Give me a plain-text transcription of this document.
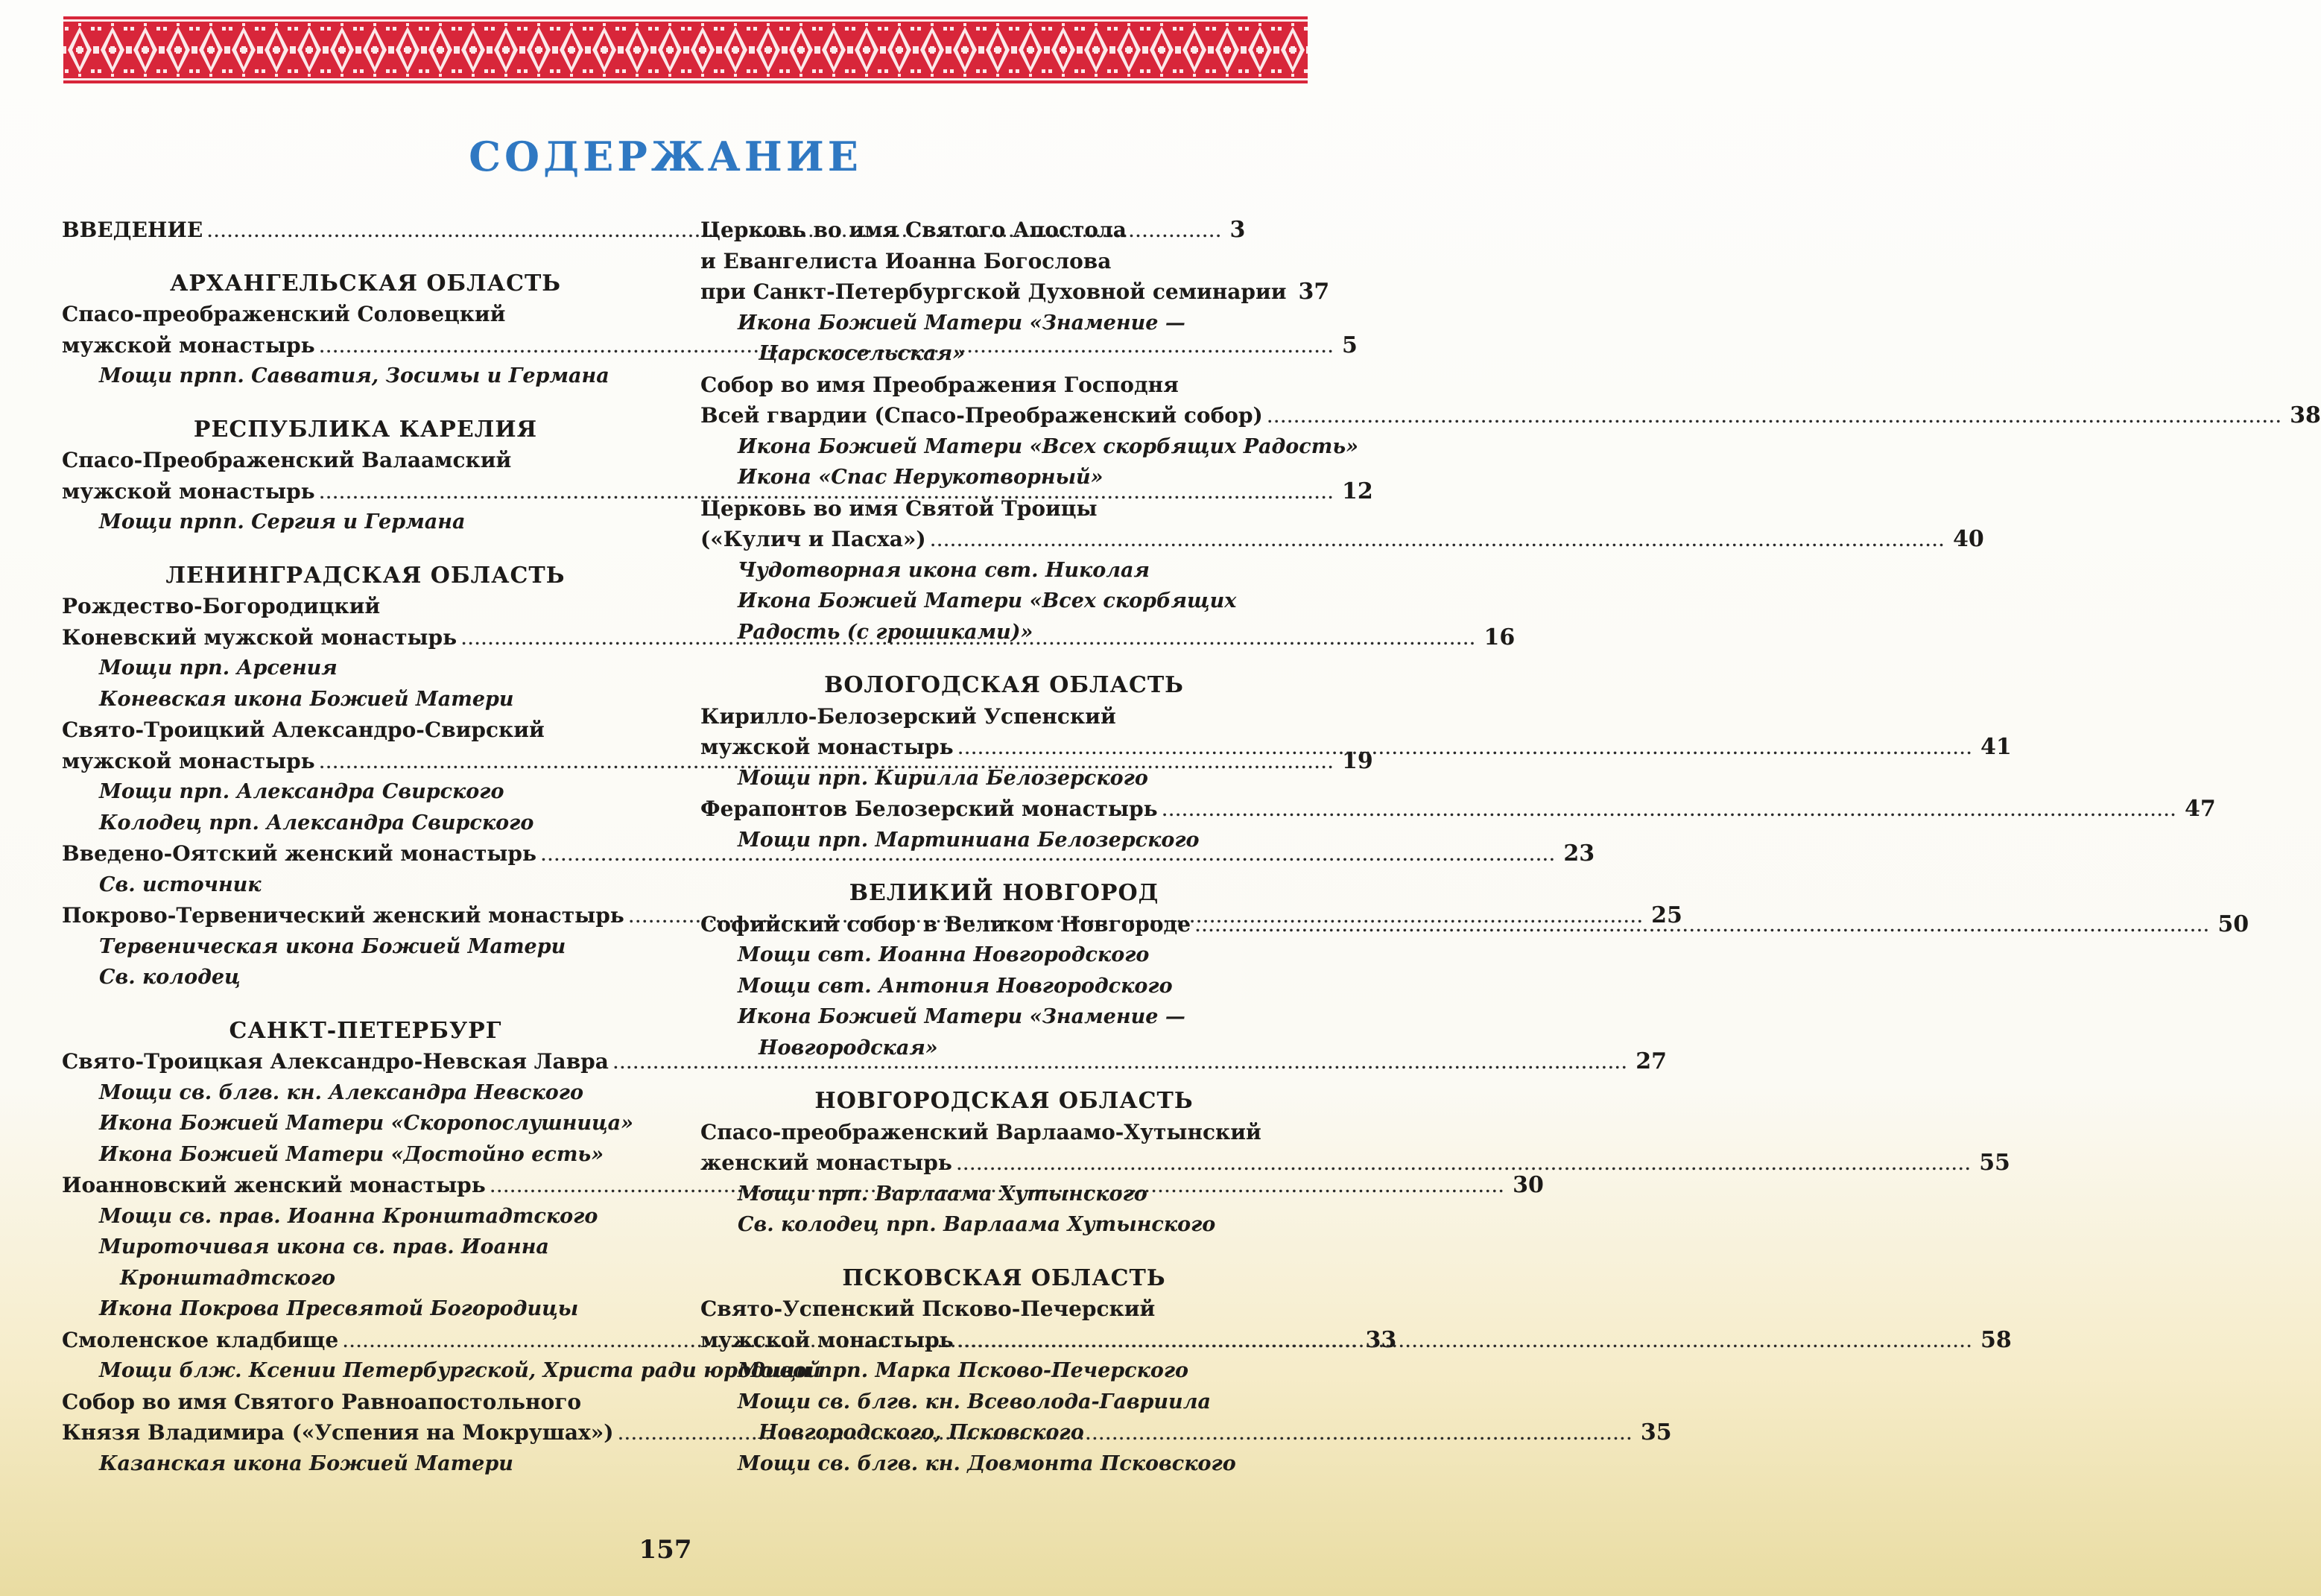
СОДЕРЖАНИЕ
ВВЕДЕНИЕ .....	3
АРХАНГЕЛЬСКАЯ ОБЛАСТЬ
Спасо-преображенский Соловецкий
мужской монастырь .....	5
Мощи прпп. Савватия, Зосимы и Германа
РЕСПУБЛИКА КАРЕЛИЯ
Спасо-Преображенский Валаамский
мужской монастырь .....	12
Мощи прпп. Сергия и Германа
ЛЕНИНГРАДСКАЯ ОБЛАСТЬ
Рождество-Богородицкий
Коневский мужской монастырь .....	16
Мощи прп. Арсения
Коневская икона Божией Матери
Свято-Троицкий Александро-Свирский
мужской монастырь .....	19
Мощи прп. Александра Свирского
Колодец прп. Александра Свирского
Введено-Оятский женский монастырь .....	23
Св. источник
Покрово-Тервенический женский монастырь .....	25
Тервеническая икона Божией Матери
Св. колодец
САНКТ-ПЕТЕРБУРГ
Свято-Троицкая Александро-Невская Лавра .....	27
Мощи св. блгв. кн. Александра Невского
Икона Божией Матери «Скоропослушница»
Икона Божией Матери «Достойно есть»
Иоанновский женский монастырь .....	30
Мощи св. прав. Иоанна Кронштадтского
Мироточивая икона св. прав. Иоанна
Кронштадтского
Икона Покрова Пресвятой Богородицы
Смоленское кладбище .....	33
Мощи блж. Ксении Петербургской, Христа ради юродивой
Собор во имя Святого Равноапостольного
Князя Владимира («Успения на Мокрушах») .....	35
Казанская икона Божией Матери
Церковь во имя Святого Апостола
и Евангелиста Иоанна Богослова
при Санкт-Петербургской Духовной семинарии 37
Икона Божией Матери «Знамение —
Царскосельская»
Собор во имя Преображения Господня
Всей гвардии (Спасо-Преображенский собор) .....	38
Икона Божией Матери «Всех скорбящих Радость»
Икона «Спас Нерукотворный»
Церковь во имя Святой Троицы
(«Кулич и Пасха») .....	40
Чудотворная икона свт. Николая
Икона Божией Матери «Всех скорбящих
Радость (с грошиками)»
ВОЛОГОДСКАЯ ОБЛАСТЬ
Кирилло-Белозерский Успенский
мужской монастырь .....	41
Мощи прп. Кирилла Белозерского
Ферапонтов Белозерский монастырь .....	47
Мощи прп. Мартиниана Белозерского
ВЕЛИКИЙ НОВГОРОД
Софийский собор в Великом Новгороде .....	50
Мощи свт. Иоанна Новгородского
Мощи свт. Антония Новгородского
Икона Божией Матери «Знамение —
Новгородская»
НОВГОРОДСКАЯ ОБЛАСТЬ
Спасо-преображенский Варлаамо-Хутынский
женский монастырь .....	55
Мощи прп. Варлаама Хутынского
Св. колодец прп. Варлаама Хутынского
ПСКОВСКАЯ ОБЛАСТЬ
Свято-Успенский Псково-Печерский
мужской монастырь .....	58
Мощи прп. Марка Псково-Печерского
Мощи св. блгв. кн. Всеволода-Гавриила
Новгородского, Псковского
Мощи св. блгв. кн. Довмонта Псковского
157
